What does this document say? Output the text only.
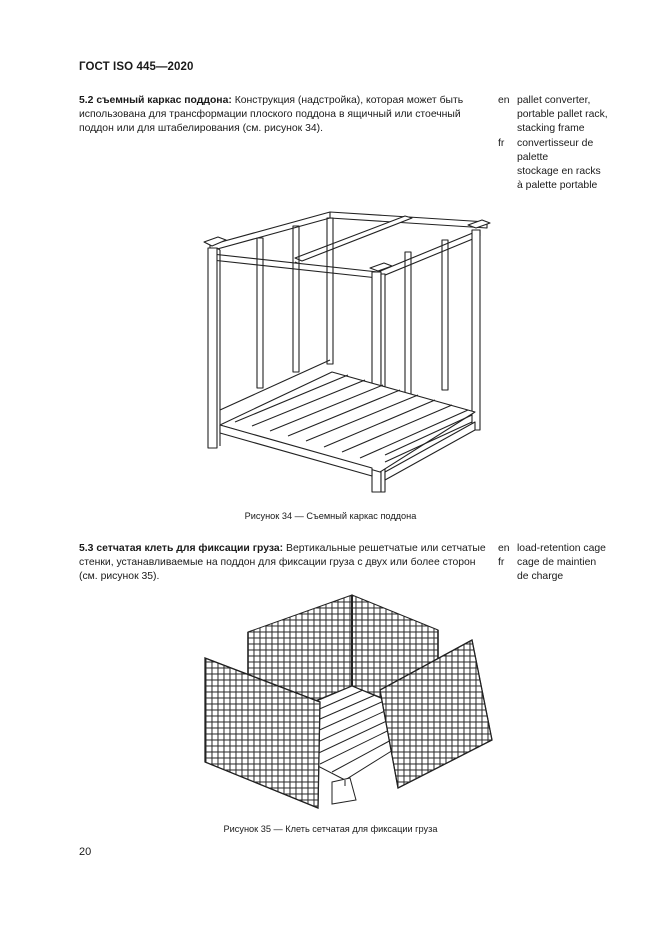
ГОСТ ISO 445—2020
5.2 съемный каркас поддона: Конструкция (надстройка), которая может быть использована для трансформации плоского поддона в ящичный или стоечный поддон или для штабелирования (см. рисунок 34).
en pallet converter,
portable pallet rack,
stacking frame
fr	convertisseur de
palette
stockage en racks
à palette portable
Рисунок 34 — Съемный каркас поддона
5.3 сетчатая клеть для фиксации груза: Вертикальные решетчатые или сетчатые стенки, устанавливаемые на поддон для фиксации груза с двух или более сторон (см. рисунок 35).
en load-retention cage
fr	cage de maintien
de charge
Рисунок 35 — Клеть сетчатая для фиксации груза
20
